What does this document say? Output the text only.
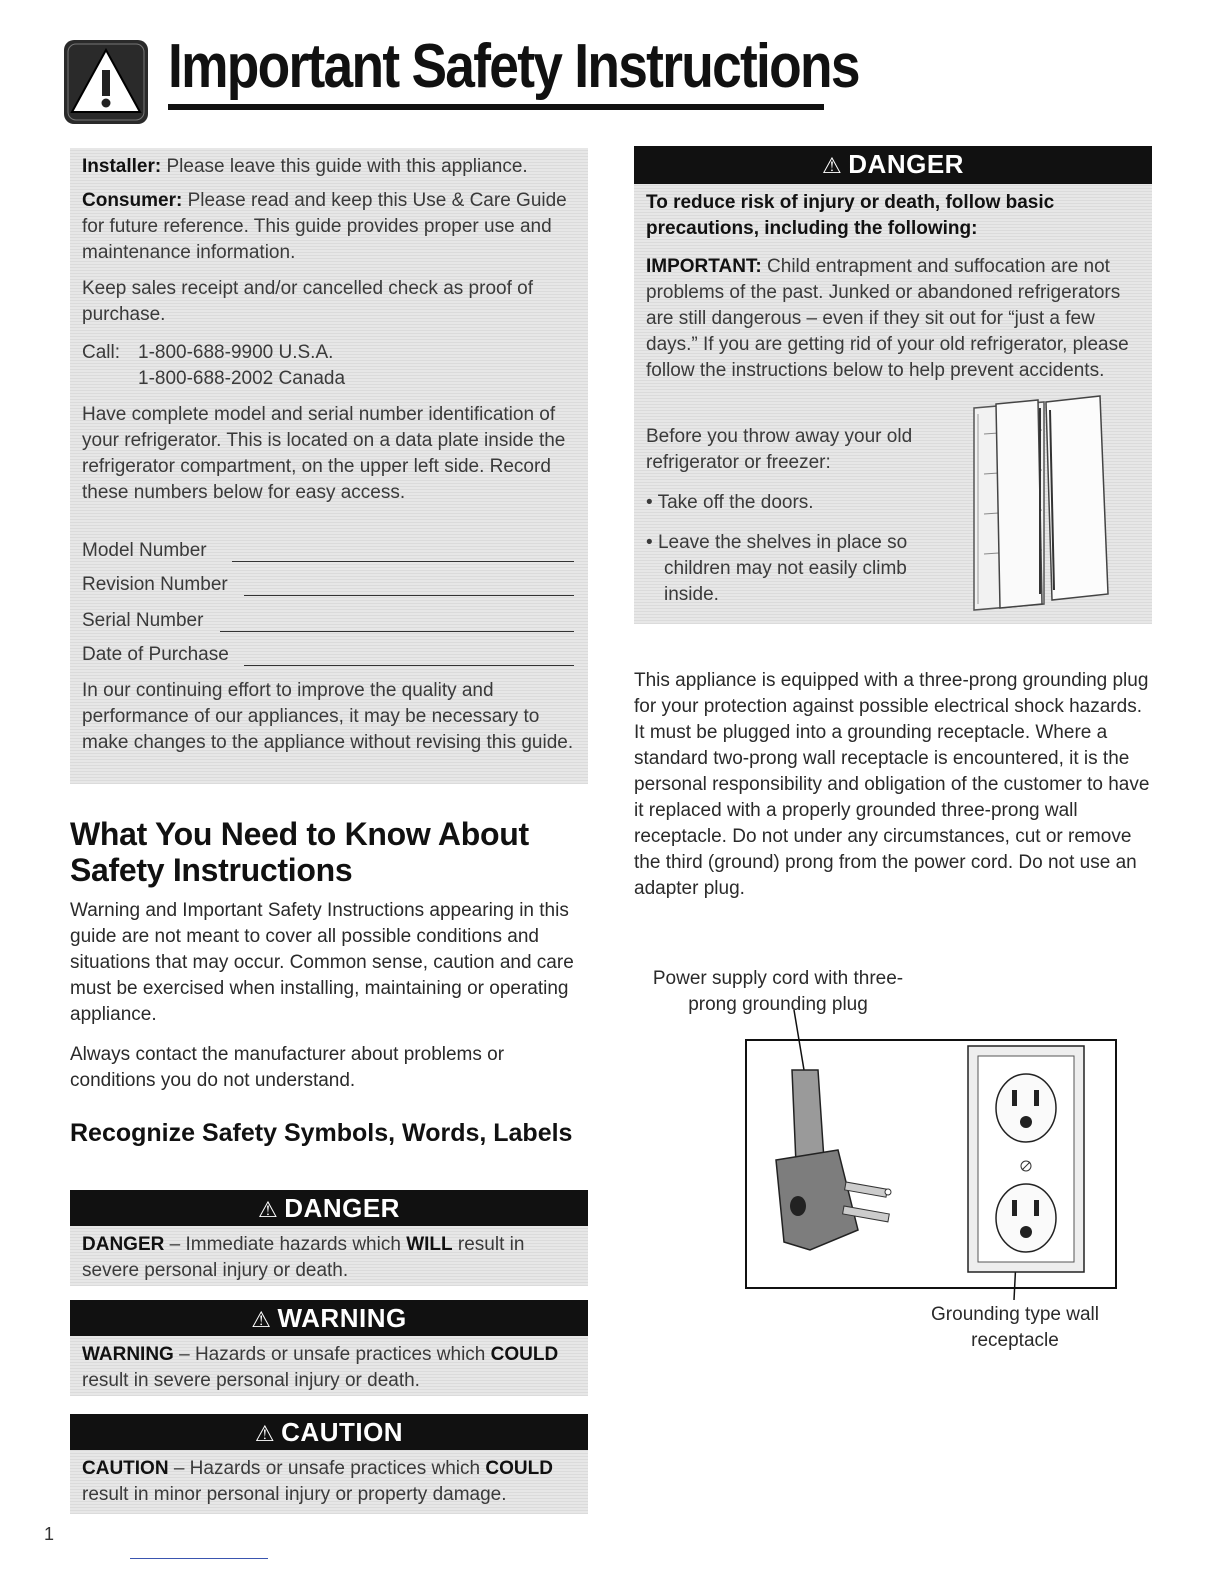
Important Safety Instructions

Installer: Please leave this guide with this appliance.

Consumer: Please read and keep this Use & Care Guide for future reference. This guide provides proper use and maintenance information.

Keep sales receipt and/or cancelled check as proof of purchase.

Call: 1-800-688-9900 U.S.A.

1-800-688-2002 Canada

Have complete model and serial number identification of your refrigerator. This is located on a data plate inside the refrigerator compartment, on the upper left side. Record these numbers below for easy access.

Model Number

Revision Number

Serial Number

Date of Purchase

In our continuing effort to improve the quality and performance of our appliances, it may be necessary to make changes to the appliance without revising this guide.

What You Need to Know About Safety Instructions
Warning and Important Safety Instructions appearing in this guide are not meant to cover all possible conditions and situations that may occur. Common sense, caution and care must be exercised when installing, maintaining or operating appliance.
Always contact the manufacturer about problems or conditions you do not understand.
Recognize Safety Symbols, Words, Labels
⚠ DANGER
DANGER – Immediate hazards which WILL result in severe personal injury or death.
⚠ WARNING
WARNING – Hazards or unsafe practices which COULD result in severe personal injury or death.
⚠ CAUTION
CAUTION – Hazards or unsafe practices which COULD result in minor personal injury or property damage.
⚠ DANGER

To reduce risk of injury or death, follow basic precautions, including the following:

IMPORTANT: Child entrapment and suffocation are not problems of the past. Junked or abandoned refrigerators are still dangerous – even if they sit out for “just a few days.” If you are getting rid of your old refrigerator, please follow the instructions below to help prevent accidents.

Before you throw away your old refrigerator or freezer:

• Take off the doors.

• Leave the shelves in place so children may not easily climb inside.

This appliance is equipped with a three-prong grounding plug for your protection against possible electrical shock hazards. It must be plugged into a grounding receptacle. Where a standard two-prong wall receptacle is encountered, it is the personal responsibility and obligation of the customer to have it replaced with a properly grounded three-prong wall receptacle. Do not under any circumstances, cut or remove the third (ground) prong from the power cord. Do not use an adapter plug.
Power supply cord with three-prong grounding plug
Grounding type wall receptacle
1
